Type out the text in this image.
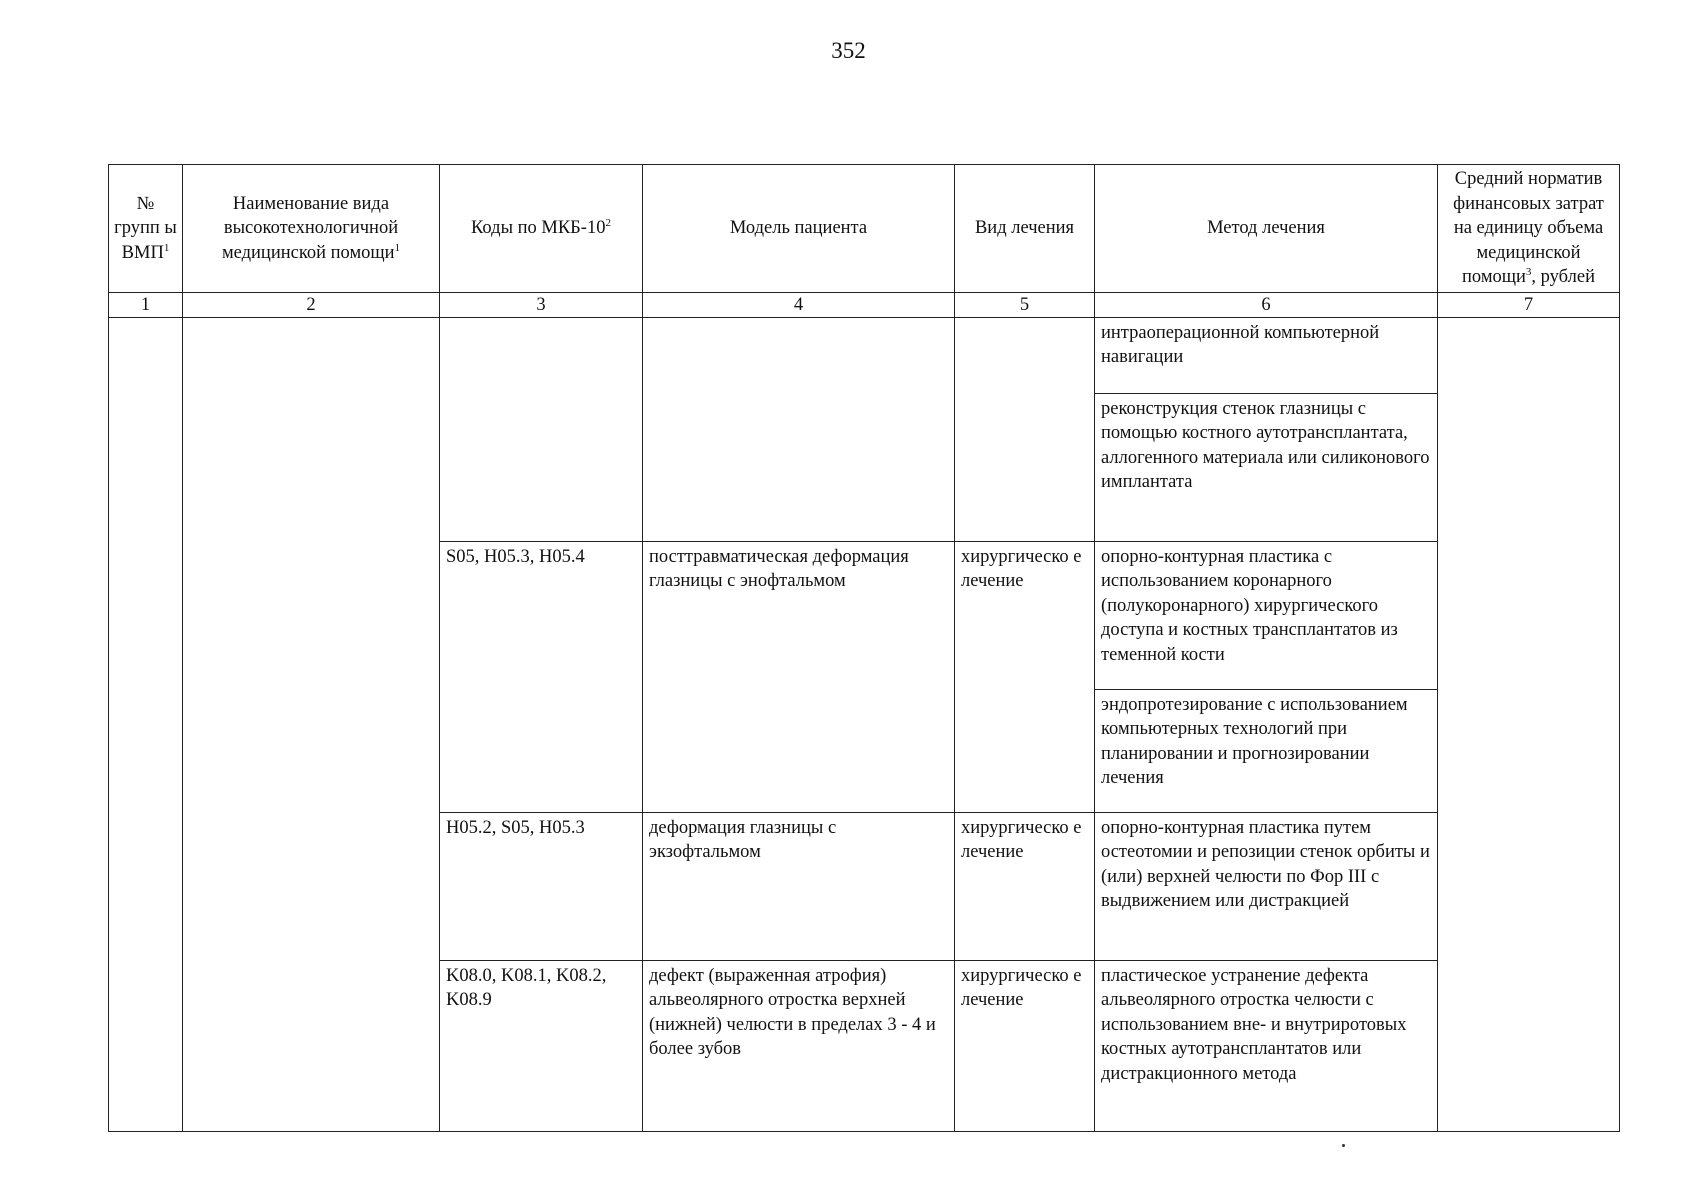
352
№ групп ы ВМП$^1$	Наименование вида высокотехнологичной медицинской помощи$^1$	Коды по МКБ-$10^2$	Модель пациента	Вид лечения	Метод лечения	Средний норматив финансовых затрат на единицу объема медицинской помощи$^3$, рублей

1	2	3	4	5	6	7

					интраоперационной компьютерной навигации	

					реконструкция стенок глазницы с помощью костного аутотрансплантата, аллогенного материала или силиконового имплантата	

		S05, H05.3, H05.4	посттравматическая деформация глазницы с энофтальмом	хирургическо е лечение	опорно-контурная пластика с использованием коронарного (полукоронарного) хирургического доступа и костных трансплантатов из теменной кости	

					эндопротезирование с использованием компьютерных технологий при планировании и прогнозировании лечения	

		H05.2, S05, H05.3	деформация глазницы с экзофтальмом	хирургическо е лечение	опорно-контурная пластика путем остеотомии и репозиции стенок орбиты и (или) верхней челюсти по Фор III с выдвижением или дистракцией	

		K08.0, K08.1, K08.2, K08.9	дефект (выраженная атрофия) альвеолярного отростка верхней (нижней) челюсти в пределах 3 - 4 и более зубов	хирургическо е лечение	пластическое устранение дефекта альвеолярного отростка челюсти с использованием вне- и внутриротовых костных аутотрансплантатов или дистракционного метода	
